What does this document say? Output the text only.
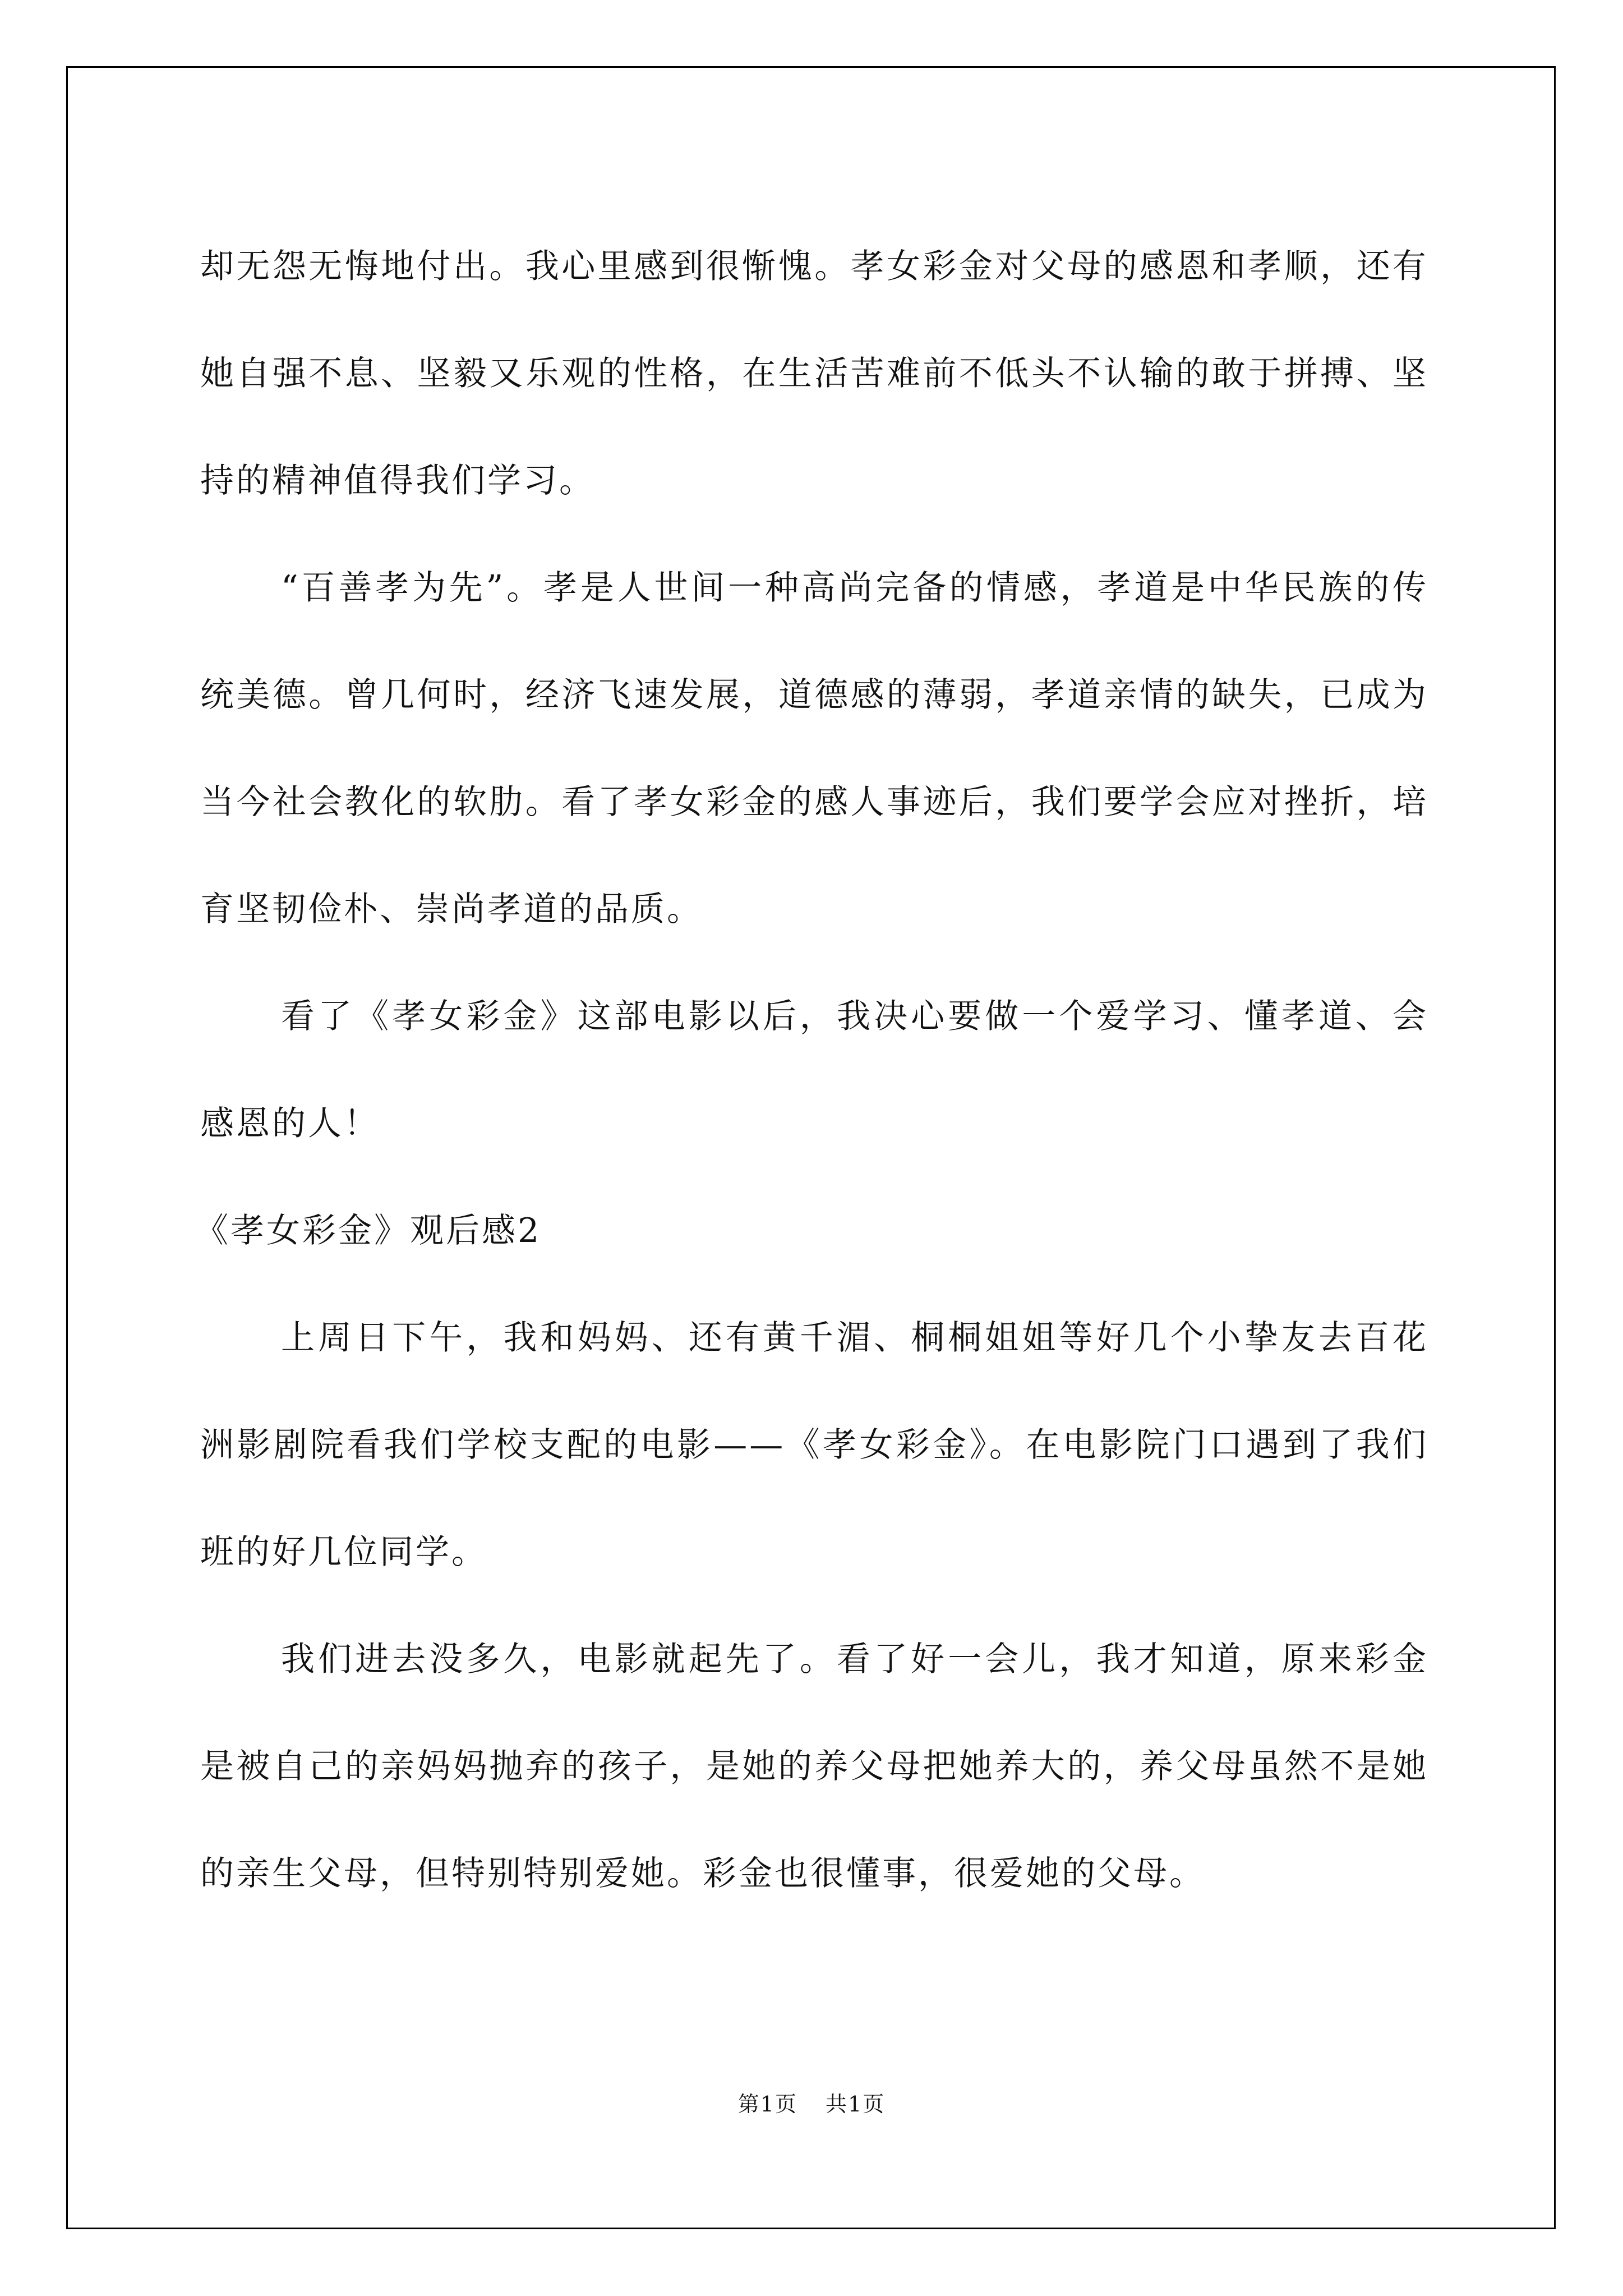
却无怨无悔地付出。我心里感到很惭愧。孝女彩金对父母的感恩和孝顺，还有她自强不息、坚毅又乐观的性格，在生活苦难前不低头不认输的敢于拼搏、坚持的精神值得我们学习。

“百善孝为先”。孝是人世间一种高尚完备的情感，孝道是中华民族的传统美德。曾几何时，经济飞速发展，道德感的薄弱，孝道亲情的缺失，已成为当今社会教化的软肋。看了孝女彩金的感人事迹后，我们要学会应对挫折，培育坚韧俭朴、崇尚孝道的品质。

看了《孝女彩金》这部电影以后，我决心要做一个爱学习、懂孝道、会感恩的人！

《孝女彩金》观后感2

上周日下午，我和妈妈、还有黄千湄、桐桐姐姐等好几个小挚友去百花洲影剧院看我们学校支配的电影——《孝女彩金》。在电影院门口遇到了我们班的好几位同学。

我们进去没多久，电影就起先了。看了好一会儿，我才知道，原来彩金是被自己的亲妈妈抛弃的孩子，是她的养父母把她养大的，养父母虽然不是她的亲生父母，但特别特别爱她。彩金也很懂事，很爱她的父母。

第1页 共1页
